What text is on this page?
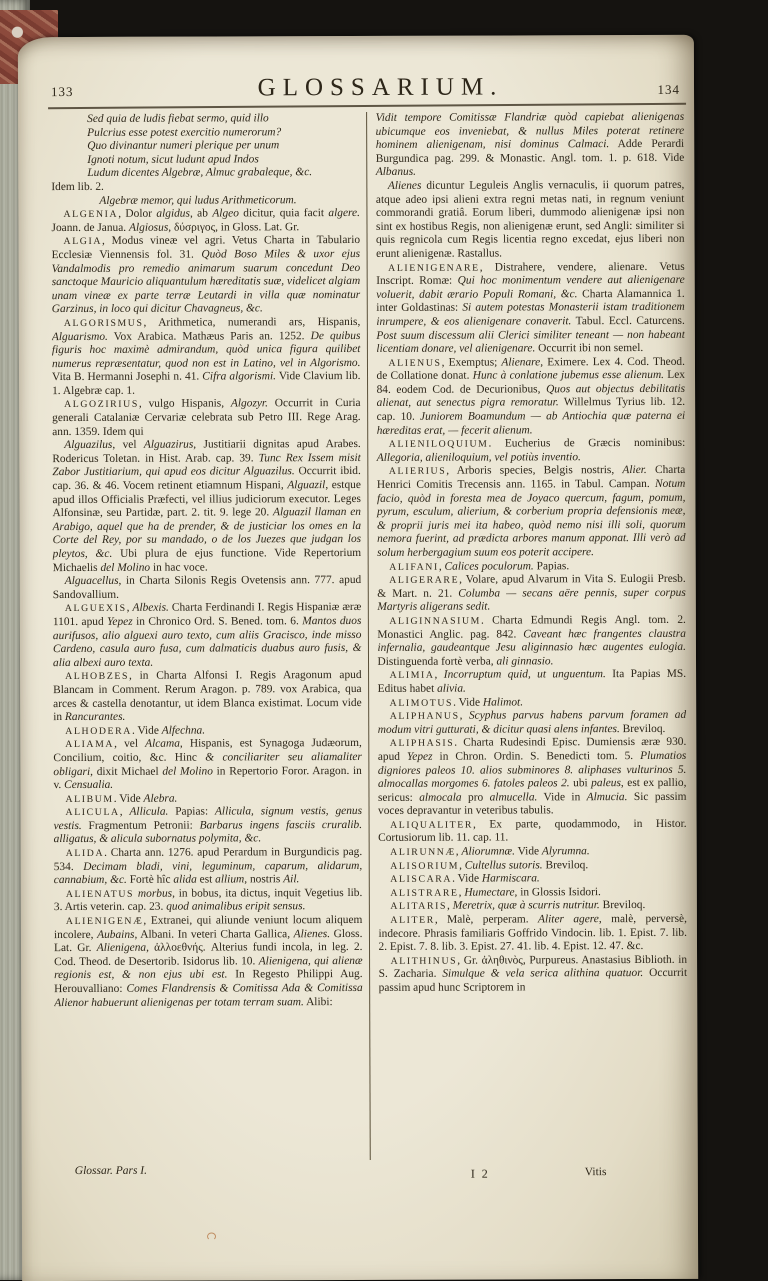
133	GLOSSARIUM.	134

Sed quia de ludis fiebat sermo, quid illo

Pulcrius esse potest exercitio numerorum?

Quo divinantur numeri plerique per unum

Ignoti notum, sicut ludunt apud Indos

Ludum dicentes Algebræ, Almuc grabaleque, &c.

Idem lib. 2.

Algebræ memor, qui ludus Arithmeticorum.

ALGENIA, Dolor algidus, ab Algeo dicitur, quia facit algere. Joann. de Janua. Algiosus, δύσριγος, in Gloss. Lat. Gr.

ALGIA, Modus vineæ vel agri. Vetus Charta in Tabulario Ecclesiæ Viennensis fol. 31. Quòd Boso Miles & uxor ejus Vandalmodis pro remedio animarum suarum concedunt Deo sanctoque Mauricio aliquantulum hæreditatis suæ, videlicet algiam unam vineæ ex parte terræ Leutardi in villa quæ nominatur Garzinus, in loco qui dicitur Chavagneus, &c.

ALGORISMUS, Arithmetica, numerandi ars, Hispanis, Alguarismo. Vox Arabica. Mathæus Paris an. 1252. De quibus figuris hoc maximè admirandum, quòd unica figura quilibet numerus repræsentatur, quod non est in Latino, vel in Algorismo. Vita B. Hermanni Josephi n. 41. Cifra algorismi. Vide Clavium lib. 1. Algebræ cap. 1.

ALGOZIRIUS, vulgo Hispanis, Algozyr. Occurrit in Curia generali Catalaniæ Cervariæ celebrata sub Petro III. Rege Arag. ann. 1359. Idem qui

Alguazilus, vel Alguazirus, Justitiarii dignitas apud Arabes. Rodericus Toletan. in Hist. Arab. cap. 39. Tunc Rex Issem misit Zabor Justitiarium, qui apud eos dicitur Alguazilus. Occurrit ibid. cap. 36. & 46. Vocem retinent etiamnum Hispani, Alguazil, estque apud illos Officialis Præfecti, vel illius judiciorum executor. Leges Alfonsinæ, seu Partidæ, part. 2. tit. 9. lege 20. Alguazil llaman en Arabigo, aquel que ha de prender, & de justiciar los omes en la Corte del Rey, por su mandado, o de los Juezes que judgan los pleytos, &c. Ubi plura de ejus functione. Vide Repertorium Michaelis del Molino in hac voce.

Alguacellus, in Charta Silonis Regis Ovetensis ann. 777. apud Sandovallium.

ALGUEXIS, Albexis. Charta Ferdinandi I. Regis Hispaniæ æræ 1101. apud Yepez in Chronico Ord. S. Bened. tom. 6. Mantos duos aurifusos, alio alguexi auro texto, cum aliis Gracisco, inde misso Cardeno, casula auro fusa, cum dalmaticis duabus auro fusis, & alia albexi auro texta.

ALHOBZES, in Charta Alfonsi I. Regis Aragonum apud Blancam in Comment. Rerum Aragon. p. 789. vox Arabica, qua arces & castella denotantur, ut idem Blanca existimat. Locum vide in Rancurantes.

ALHODERA. Vide Alfechna.

ALIAMA, vel Alcama, Hispanis, est Synagoga Judæorum, Concilium, coitio, &c. Hinc & conciliariter seu aliamaliter obligari, dixit Michael del Molino in Repertorio Foror. Aragon. in v. Censualia.

ALIBUM. Vide Alebra.

ALICULA, Allicula. Papias: Allicula, signum vestis, genus vestis. Fragmentum Petronii: Barbarus ingens fasciis cruralib. alligatus, & alicula subornatus polymita, &c.

ALIDA. Charta ann. 1276. apud Perardum in Burgundicis pag. 534. Decimam bladi, vini, leguminum, caparum, alidarum, cannabium, &c. Fortè hîc alida est allium, nostris Ail.

ALIENATUS morbus, in bobus, ita dictus, inquit Vegetius lib. 3. Artis veterin. cap. 23. quod animalibus eripit sensus.

ALIENIGENÆ, Extranei, qui aliunde veniunt locum aliquem incolere, Aubains, Albani. In veteri Charta Gallica, Alienes. Gloss. Lat. Gr. Alienigena, ἀλλοεθνής. Alterius fundi incola, in leg. 2. Cod. Theod. de Desertorib. Isidorus lib. 10. Alienigena, qui alienæ regionis est, & non ejus ubi est. In Regesto Philippi Aug. Herouvalliano: Comes Flandrensis & Comitissa Ada & Comitissa Alienor habuerunt alienigenas per totam terram suam. Alibi:

Vidit tempore Comitissæ Flandriæ quòd capiebat alienigenas ubicumque eos inveniebat, & nullus Miles poterat retinere hominem alienigenam, nisi dominus Calmaci. Adde Perardi Burgundica pag. 299. & Monastic. Angl. tom. 1. p. 618. Vide Albanus.

Alienes dicuntur Leguleis Anglis vernaculis, ii quorum patres, atque adeo ipsi alieni extra regni metas nati, in regnum veniunt commorandi gratiâ. Eorum liberi, dummodo alienigenæ ipsi non sint ex hostibus Regis, non alienigenæ erunt, sed Angli: similiter si quis regnicola cum Regis licentia regno excedat, ejus liberi non erunt alienigenæ. Rastallus.

ALIENIGENARE, Distrahere, vendere, alienare. Vetus Inscript. Romæ: Qui hoc monimentum vendere aut alienigenare voluerit, dabit ærario Populi Romani, &c. Charta Alamannica 1. inter Goldastinas: Si autem potestas Monasterii istam traditionem inrumpere, & eos alienigenare conaverit. Tabul. Eccl. Caturcens. Post suum discessum alii Clerici similiter teneant — non habeant licentiam donare, vel alienigenare. Occurrit ibi non semel.

ALIENUS, Exemptus; Alienare, Eximere. Lex 4. Cod. Theod. de Collatione donat. Hunc à conlatione jubemus esse alienum. Lex 84. eodem Cod. de Decurionibus, Quos aut objectus debilitatis alienat, aut senectus pigra remoratur. Willelmus Tyrius lib. 12. cap. 10. Juniorem Boamundum — ab Antiochia quæ paterna ei hæreditas erat, — fecerit alienum.

ALIENILOQUIUM. Eucherius de Græcis nominibus: Allegoria, alieniloquium, vel potiùs inventio.

ALIERIUS, Arboris species, Belgis nostris, Alier. Charta Henrici Comitis Trecensis ann. 1165. in Tabul. Campan. Notum facio, quòd in foresta mea de Joyaco quercum, fagum, pomum, pyrum, esculum, alierium, & corberium propria defensionis meæ, & proprii juris mei ita habeo, quòd nemo nisi illi soli, quorum nemora fuerint, ad prædicta arbores manum apponat. Illi verò ad solum herbergagium suum eos poterit accipere.

ALIFANI, Calices poculorum. Papias.

ALIGERARE, Volare, apud Alvarum in Vita S. Eulogii Presb. & Mart. n. 21. Columba — secans aëre pennis, super corpus Martyris aligerans sedit.

ALIGINNASIUM. Charta Edmundi Regis Angl. tom. 2. Monastici Anglic. pag. 842. Caveant hæc frangentes claustra infernalia, gaudeantque Jesu aliginnasio hæc augentes eulogia. Distinguenda fortè verba, ali ginnasio.

ALIMIA, Incorruptum quid, ut unguentum. Ita Papias MS. Editus habet alivia.

ALIMOTUS. Vide Halimot.

ALIPHANUS, Scyphus parvus habens parvum foramen ad modum vitri gutturati, & dicitur quasi alens infantes. Breviloq.

ALIPHASIS. Charta Rudesindi Episc. Dumiensis æræ 930. apud Yepez in Chron. Ordin. S. Benedicti tom. 5. Plumatios digniores paleos 10. alios subminores 8. aliphases vulturinos 5. almocallas morgomes 6. fatoles paleos 2. ubi paleus, est ex pallio, sericus: almocala pro almucella. Vide in Almucia. Sic passim voces depravantur in veteribus tabulis.

ALIQUALITER, Ex parte, quodammodo, in Histor. Cortusiorum lib. 11. cap. 11.

ALIRUNNÆ, Aliorumnæ. Vide Alyrumna.

ALISORIUM, Cultellus sutoris. Breviloq.

ALISCARA. Vide Harmiscara.

ALISTRARE, Humectare, in Glossis Isidori.

ALITARIS, Meretrix, quæ à scurris nutritur. Breviloq.

ALITER, Malè, perperam. Aliter agere, malè, perversè, indecore. Phrasis familiaris Goffrido Vindocin. lib. 1. Epist. 7. lib. 2. Epist. 7. 8. lib. 3. Epist. 27. 41. lib. 4. Epist. 12. 47. &c.

ALITHINUS, Gr. ἀληθινὸς, Purpureus. Anastasius Biblioth. in S. Zacharia. Simulque & vela serica alithina quatuor. Occurrit passim apud hunc Scriptorem in

Glossar. Pars I.	I 2	Vitis
